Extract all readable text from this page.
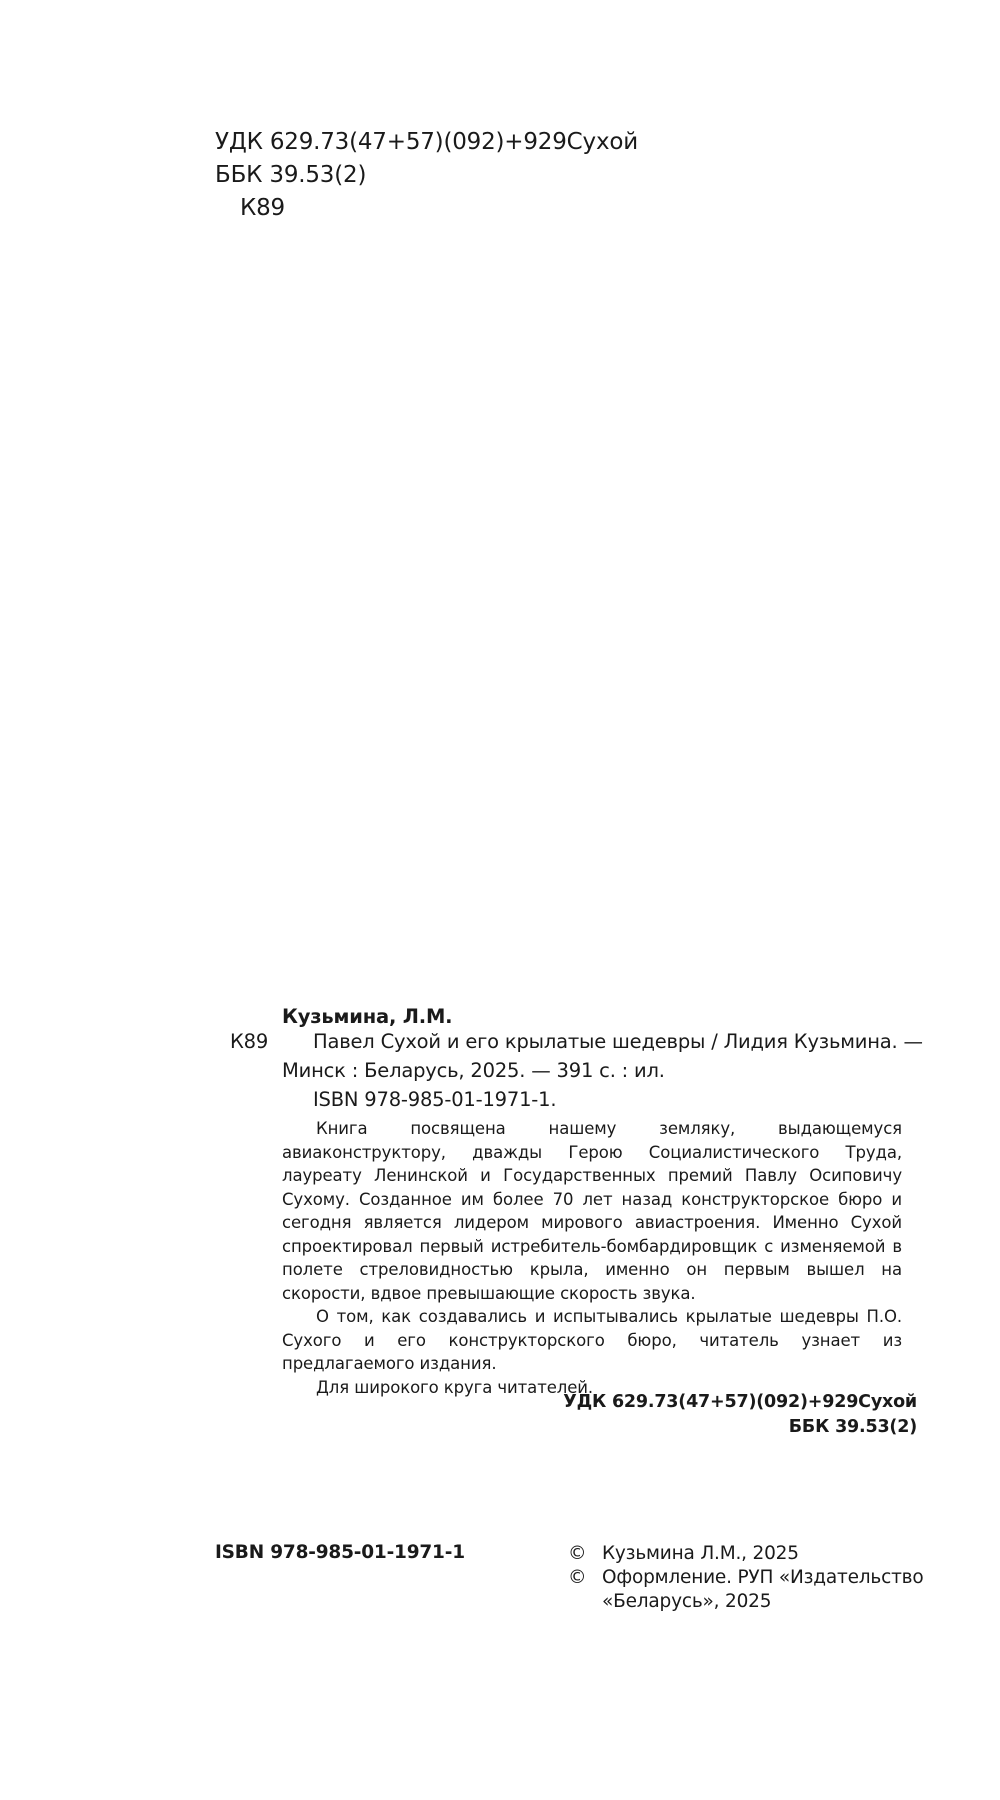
УДК 629.73(47+57)(092)+929Сухой
ББК 39.53(2)
К89
Кузьмина, Л.М.
К89 Павел Сухой и его крылатые шедевры / Лидия Кузьмина. —
Минск : Беларусь, 2025. — 391 с. : ил.
ISBN 978-985-01-1971-1.

Книга посвящена нашему земляку, выдающемуся авиаконструктору, дважды Герою Социалистического Труда, лауреату Ленинской и Государственных премий Павлу Осиповичу Сухому. Созданное им более 70 лет назад конструкторское бюро и сегодня является лидером мирового авиастроения. Именно Сухой спроектировал первый истребитель-бомбардировщик с изменяемой в полете стреловидностью крыла, именно он первым вышел на скорости, вдвое превышающие скорость звука.

О том, как создавались и испытывались крылатые шедевры П.О. Сухого и его конструкторского бюро, читатель узнает из предлагаемого издания.

Для широкого круга читателей.

УДК 629.73(47+57)(092)+929Сухой
ББК 39.53(2)
ISBN 978-985-01-1971-1	© Кузьмина Л.М., 2025
© Оформление. РУП «Издательство
«Беларусь», 2025
